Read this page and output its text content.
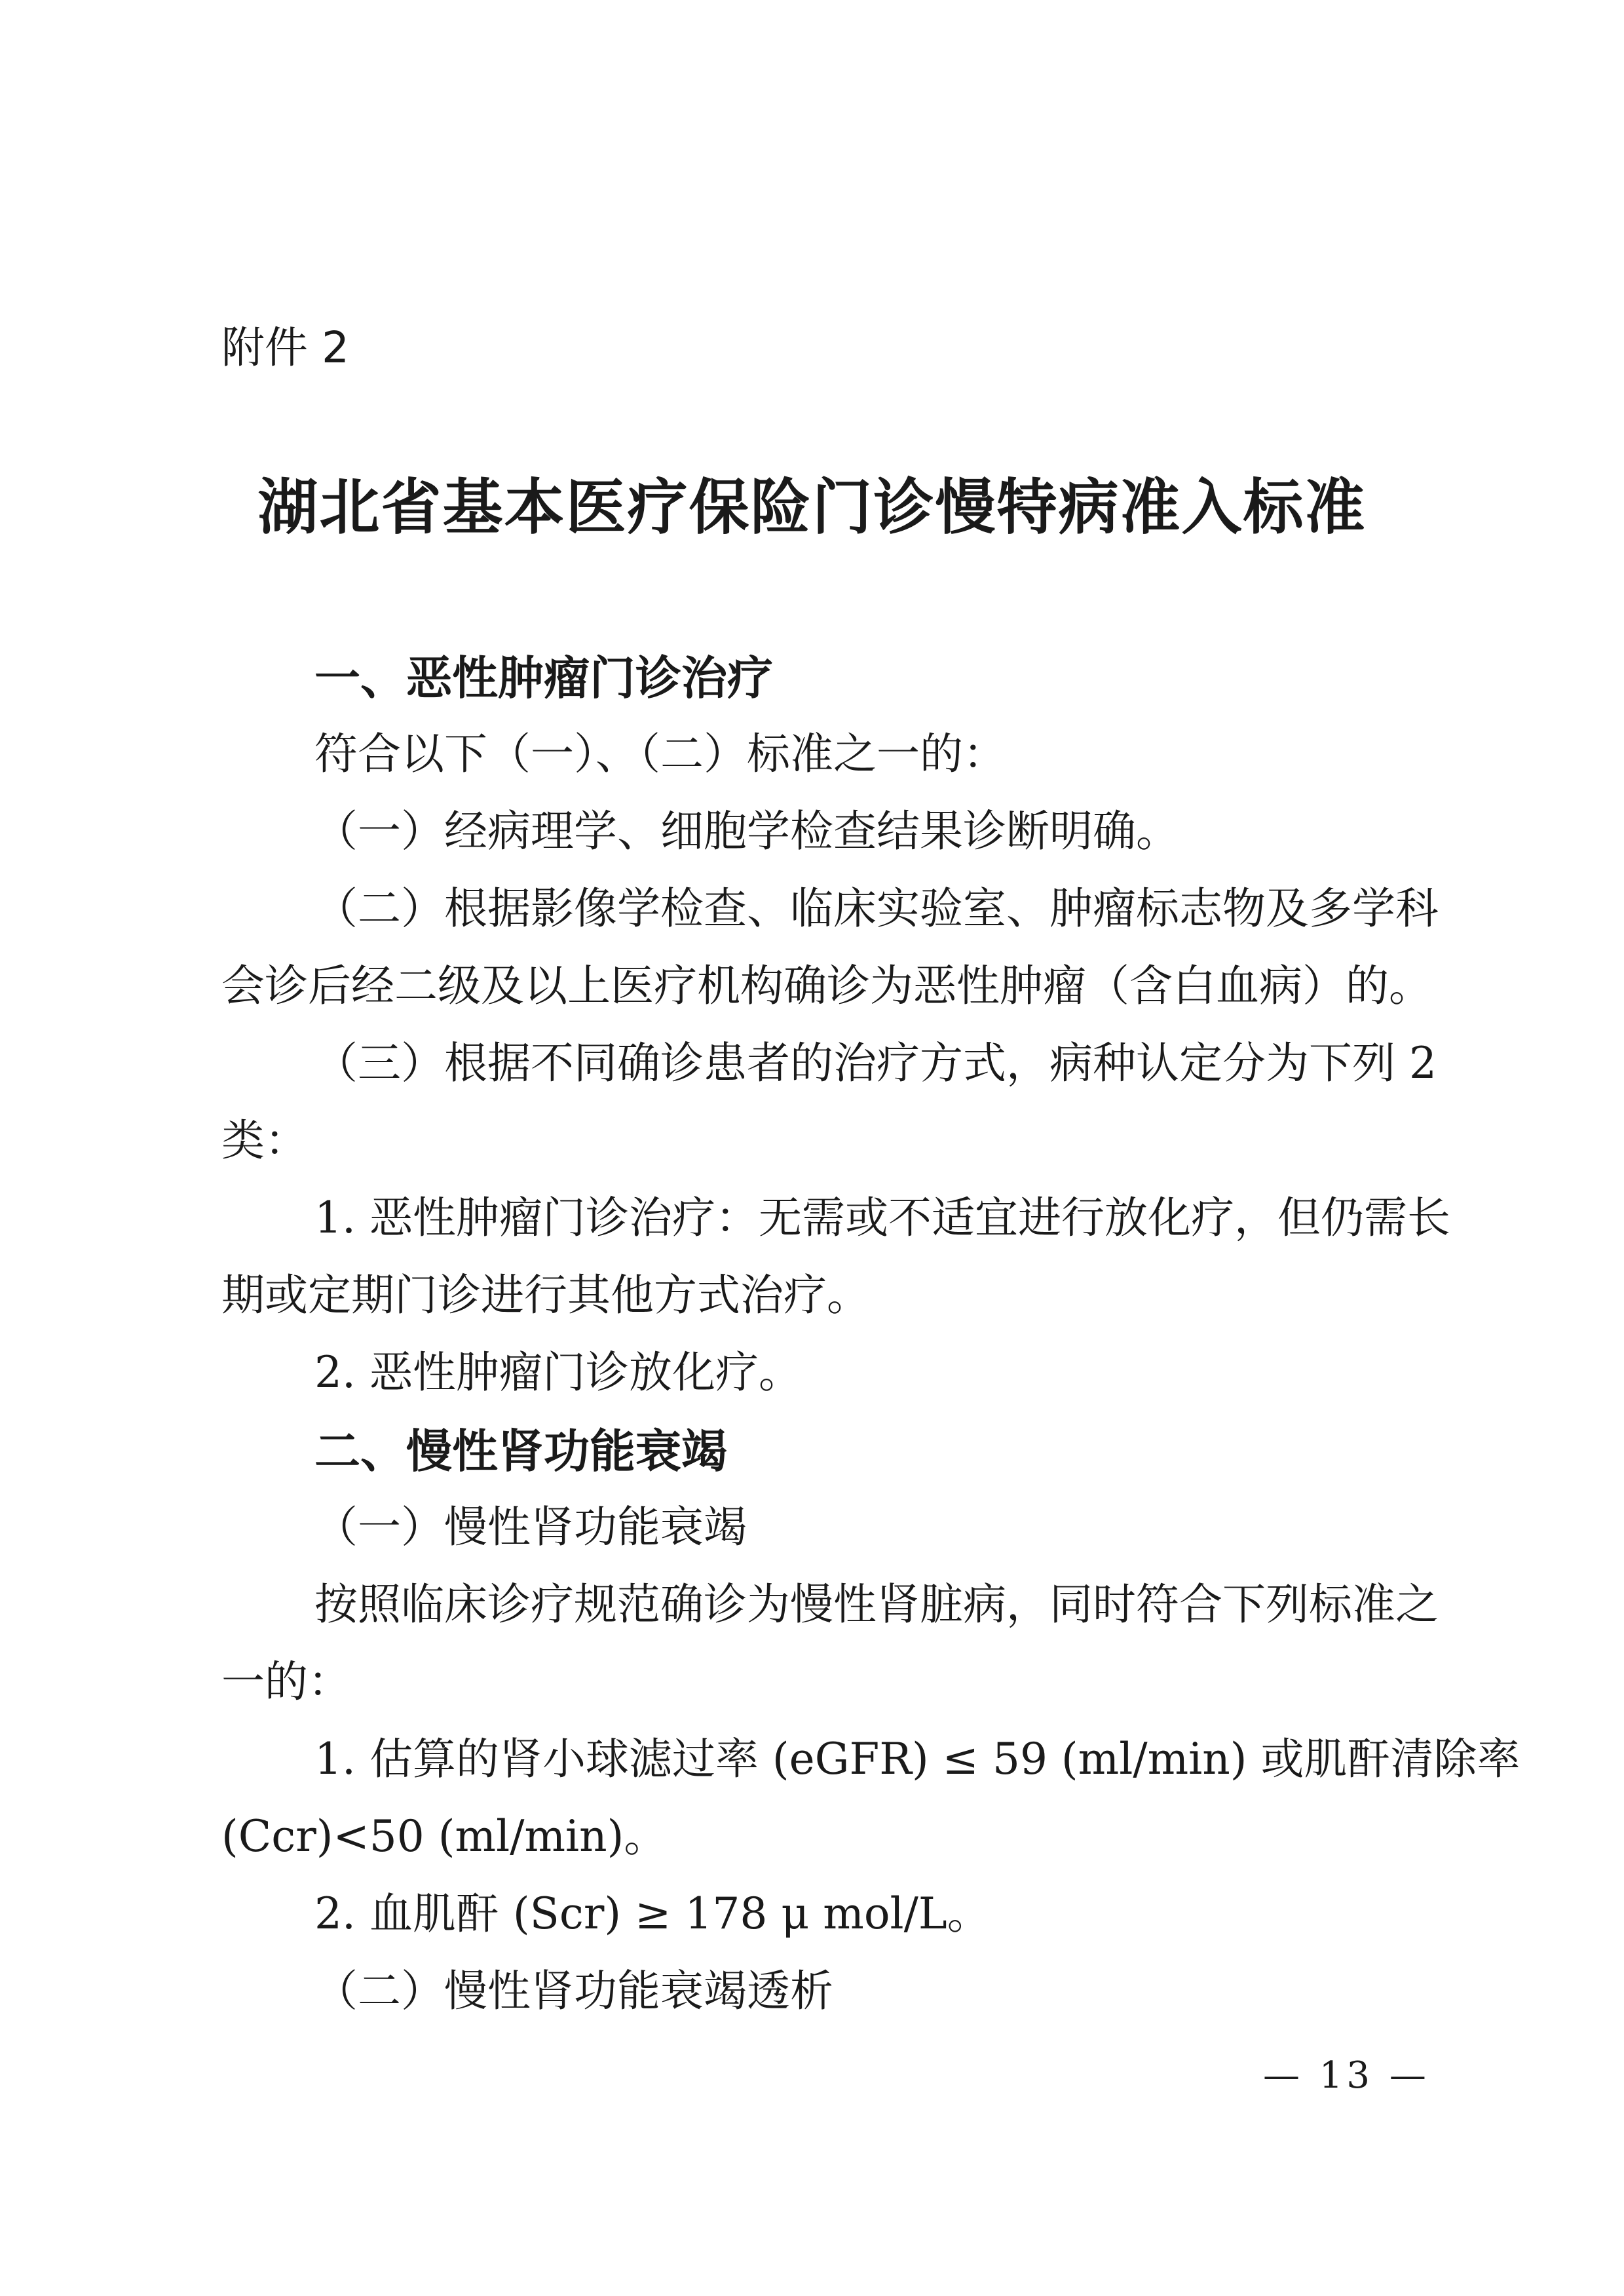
附件 2
湖北省基本医疗保险门诊慢特病准入标准
一、恶性肿瘤门诊治疗
符合以下（一）、（二）标准之一的：
（一）经病理学、细胞学检查结果诊断明确。
（二）根据影像学检查、临床实验室、肿瘤标志物及多学科
会诊后经二级及以上医疗机构确诊为恶性肿瘤（含白血病）的。
（三）根据不同确诊患者的治疗方式，病种认定分为下列 2
类：
1. 恶性肿瘤门诊治疗：无需或不适宜进行放化疗，但仍需长
期或定期门诊进行其他方式治疗。
2. 恶性肿瘤门诊放化疗。
二、慢性肾功能衰竭
（一）慢性肾功能衰竭
按照临床诊疗规范确诊为慢性肾脏病，同时符合下列标准之
一的：
1. 估算的肾小球滤过率 (eGFR) ≤ 59 (ml/min) 或肌酐清除率
(Ccr)<50 (ml/min)。
2. 血肌酐 (Scr) ≥ 178 μ mol/L。
（二）慢性肾功能衰竭透析
— 13 —
